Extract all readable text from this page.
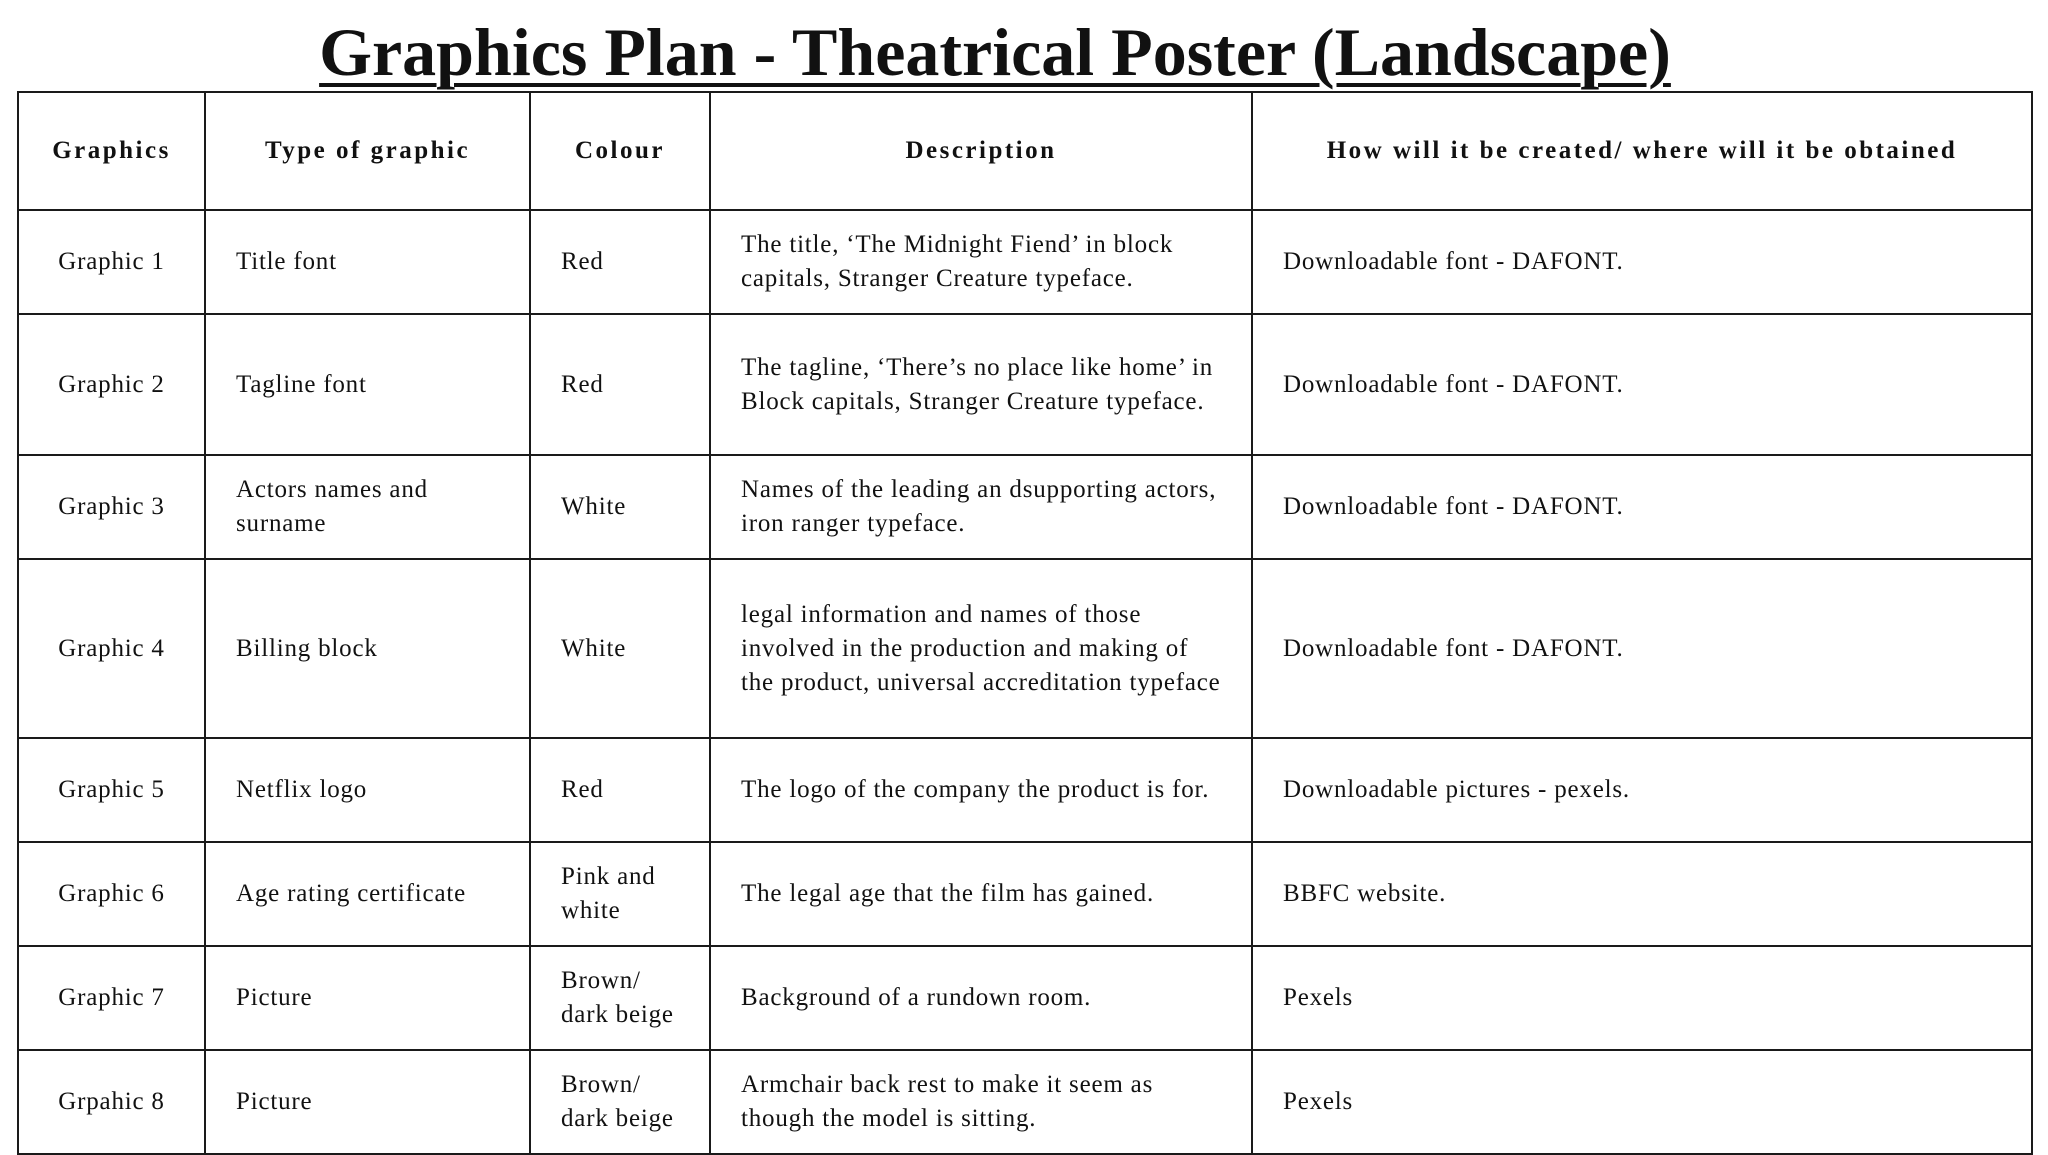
Graphics Plan - Theatrical Poster (Landscape)
Graphics	Type of graphic	Colour	Description	How will it be created/ where will it be obtained
Graphic 1	Title font	Red	The title, ‘The Midnight Fiend’ in block capitals, Stranger Creature typeface.	Downloadable font - DAFONT.
Graphic 2	Tagline font	Red	The tagline, ‘There’s no place like home’ in Block capitals, Stranger Creature typeface.	Downloadable font - DAFONT.
Graphic 3	Actors names and surname	White	Names of the leading an dsupporting actors, iron ranger typeface.	Downloadable font - DAFONT.
Graphic 4	Billing block	White	legal information and names of those involved in the production and making of the product, universal accreditation typeface	Downloadable font - DAFONT.
Graphic 5	Netflix logo	Red	The logo of the company the product is for.	Downloadable pictures - pexels.
Graphic 6	Age rating certificate	Pink and white	The legal age that the film has gained.	BBFC website.
Graphic 7	Picture	Brown/ dark beige	Background of a rundown room.	Pexels
Grpahic 8	Picture	Brown/ dark beige	Armchair back rest to make it seem as though the model is sitting.	Pexels
